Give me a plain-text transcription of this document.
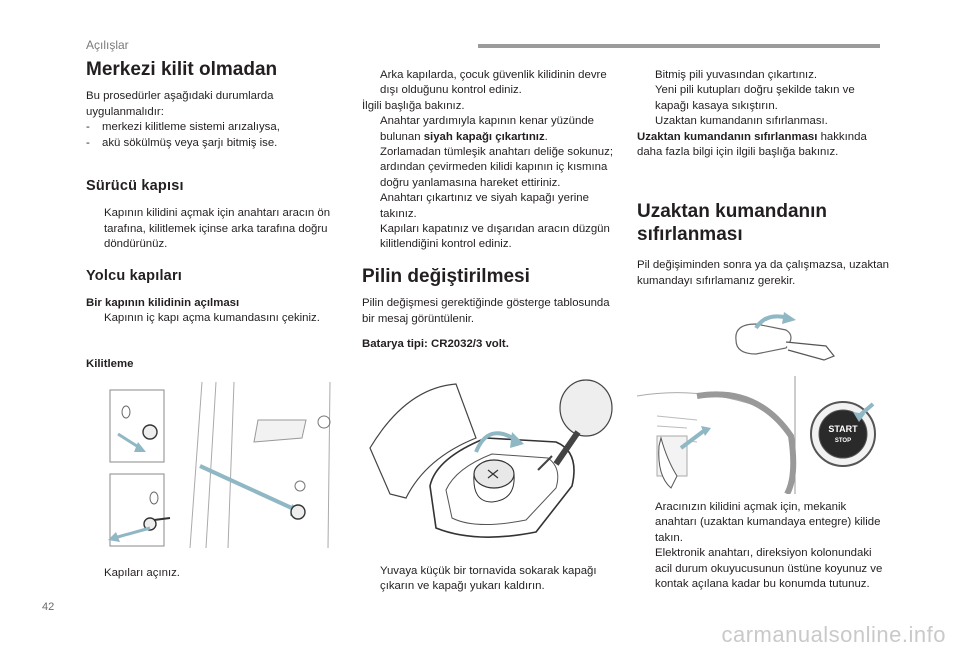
Açılışlar
Merkezi kilit olmadan

Bu prosedürler aşağıdaki durumlarda uygulanmalıdır:

-	merkezi kilitleme sistemi arızalıysa,
-	akü sökülmüş veya şarjı bitmiş ise.
Sürücü kapısı
Kapının kilidini açmak için anahtarı aracın ön tarafına, kilitlemek içinse arka tarafına doğru döndürünüz.
Yolcu kapıları

Bir kapının kilidinin açılması

Kapının iç kapı açma kumandasını çekiniz.

Kilitleme

Kapıları açınız.
Arka kapılarda, çocuk güvenlik kilidinin devre dışı olduğunu kontrol ediniz.

İlgili başlığa bakınız.

Anahtar yardımıyla kapının kenar yüzünde bulunan siyah kapağı çıkartınız.
Zorlamadan tümleşik anahtarı deliğe sokunuz; ardından çevirmeden kilidi kapının iç kısmına doğru yanlamasına hareket ettiriniz.
Anahtarı çıkartınız ve siyah kapağı yerine takınız.
Kapıları kapatınız ve dışarıdan aracın düzgün kilitlendiğini kontrol ediniz.
Pilin değiştirilmesi

Pilin değişmesi gerektiğinde gösterge tablosunda bir mesaj görüntülenir.

Batarya tipi: CR2032/3 volt.

Yuvaya küçük bir tornavida sokarak kapağı çıkarın ve kapağı yukarı kaldırın.
Bitmiş pili yuvasından çıkartınız.
Yeni pili kutupları doğru şekilde takın ve kapağı kasaya sıkıştırın.
Uzaktan kumandanın sıfırlanması.

Uzaktan kumandanın sıfırlanması hakkında daha fazla bilgi için ilgili başlığa bakınız.

Uzaktan kumandanın sıfırlanması

Pil değişiminden sonra ya da çalışmazsa, uzaktan kumandayı sıfırlamanız gerekir.

START
STOP
Aracınızın kilidini açmak için, mekanik anahtarı (uzaktan kumandaya entegre) kilide takın.
Elektronik anahtarı, direksiyon kolonundaki acil durum okuyucusunun üstüne koyunuz ve kontak açılana kadar bu konumda tutunuz.
42
carmanualsonline.info
